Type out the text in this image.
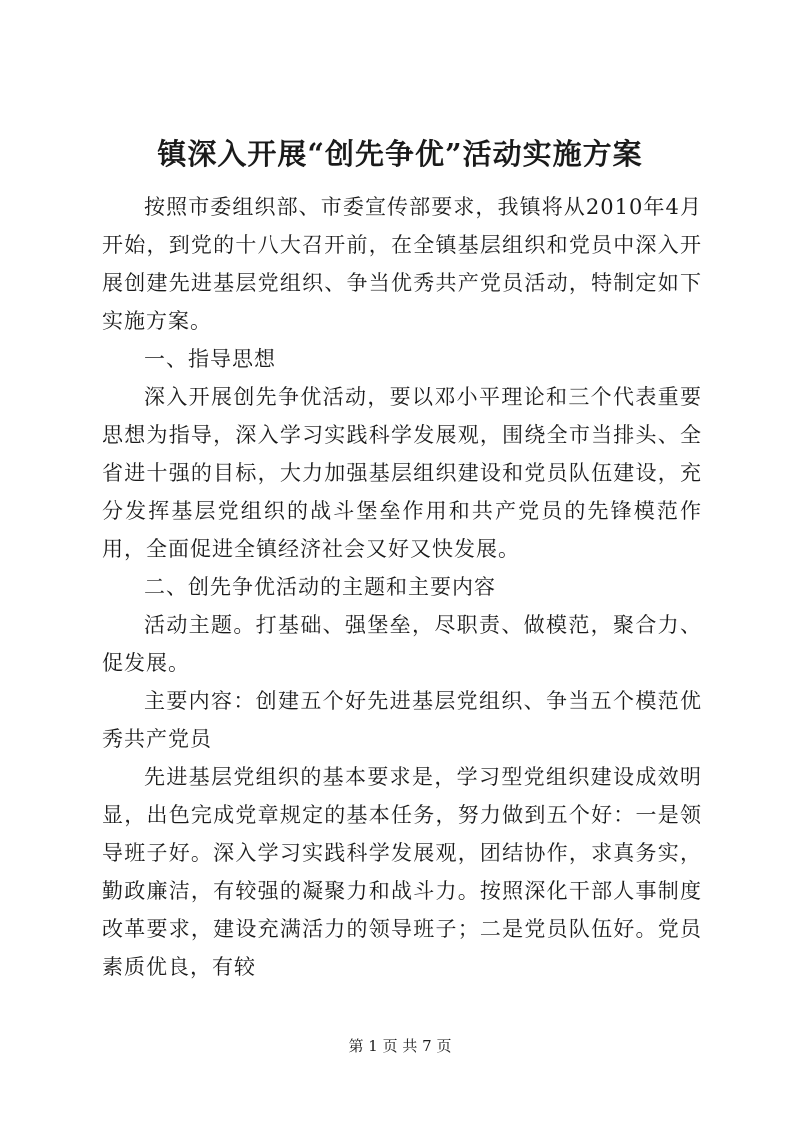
镇深入开展“创先争优”活动实施方案

按照市委组织部、市委宣传部要求，我镇将从2010年4月开始，到党的十八大召开前，在全镇基层组织和党员中深入开展创建先进基层党组织、争当优秀共产党员活动，特制定如下实施方案。

一、指导思想

深入开展创先争优活动，要以邓小平理论和三个代表重要思想为指导，深入学习实践科学发展观，围绕全市当排头、全省进十强的目标，大力加强基层组织建设和党员队伍建设，充分发挥基层党组织的战斗堡垒作用和共产党员的先锋模范作用，全面促进全镇经济社会又好又快发展。

二、创先争优活动的主题和主要内容

活动主题。打基础、强堡垒，尽职责、做模范，聚合力、促发展。

主要内容：创建五个好先进基层党组织、争当五个模范优秀共产党员

先进基层党组织的基本要求是，学习型党组织建设成效明显，出色完成党章规定的基本任务，努力做到五个好：一是领导班子好。深入学习实践科学发展观，团结协作，求真务实，勤政廉洁，有较强的凝聚力和战斗力。按照深化干部人事制度改革要求，建设充满活力的领导班子；二是党员队伍好。党员素质优良，有较

第 1 页 共 7 页
